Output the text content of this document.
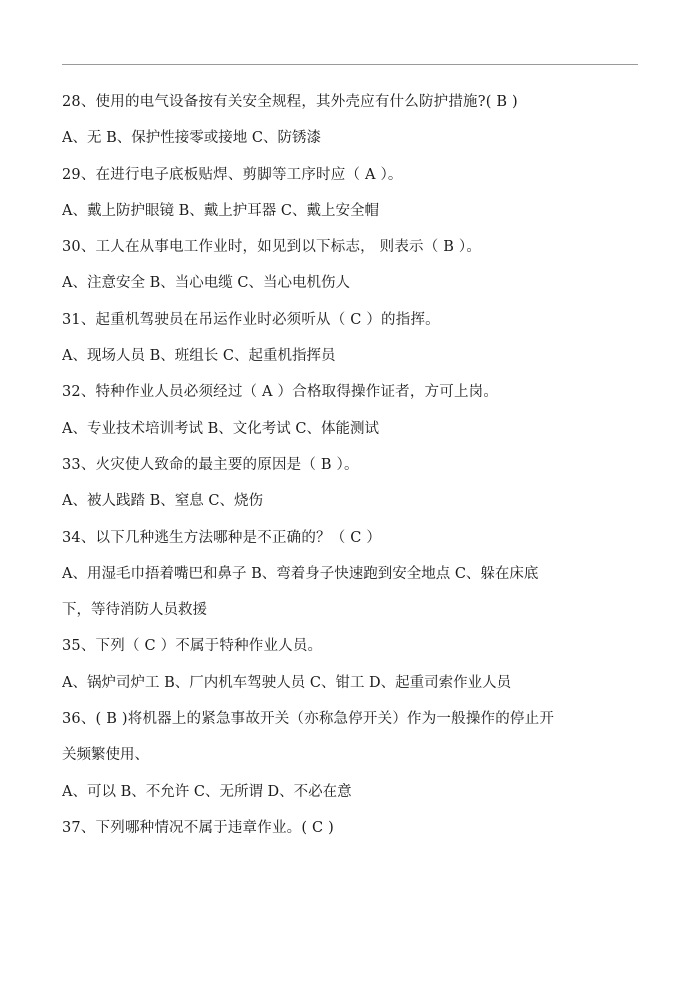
28、使用的电气设备按有关安全规程，其外壳应有什么防护措施?( B )
A、无 B、保护性接零或接地 C、防锈漆
29、在进行电子底板贴焊、剪脚等工序时应（ A ）。
A、戴上防护眼镜 B、戴上护耳器 C、戴上安全帽
30、工人在从事电工作业时，如见到以下标志， 则表示（ B ）。
A、注意安全 B、当心电缆 C、当心电机伤人
31、起重机驾驶员在吊运作业时必须听从（ C ）的指挥。
A、现场人员 B、班组长 C、起重机指挥员
32、特种作业人员必须经过（ A ）合格取得操作证者，方可上岗。
A、专业技术培训考试 B、文化考试 C、体能测试
33、火灾使人致命的最主要的原因是（ B ）。
A、被人践踏 B、窒息 C、烧伤
34、以下几种逃生方法哪种是不正确的？（ C ）
A、用湿毛巾捂着嘴巴和鼻子 B、弯着身子快速跑到安全地点 C、躲在床底
下，等待消防人员救援
35、下列（ C ）不属于特种作业人员。
A、锅炉司炉工 B、厂内机车驾驶人员 C、钳工 D、起重司索作业人员
36、( B )将机器上的紧急事故开关（亦称急停开关）作为一般操作的停止开
关频繁使用、
A、可以 B、不允许 C、无所谓 D、不必在意
37、下列哪种情况不属于违章作业。( C )
